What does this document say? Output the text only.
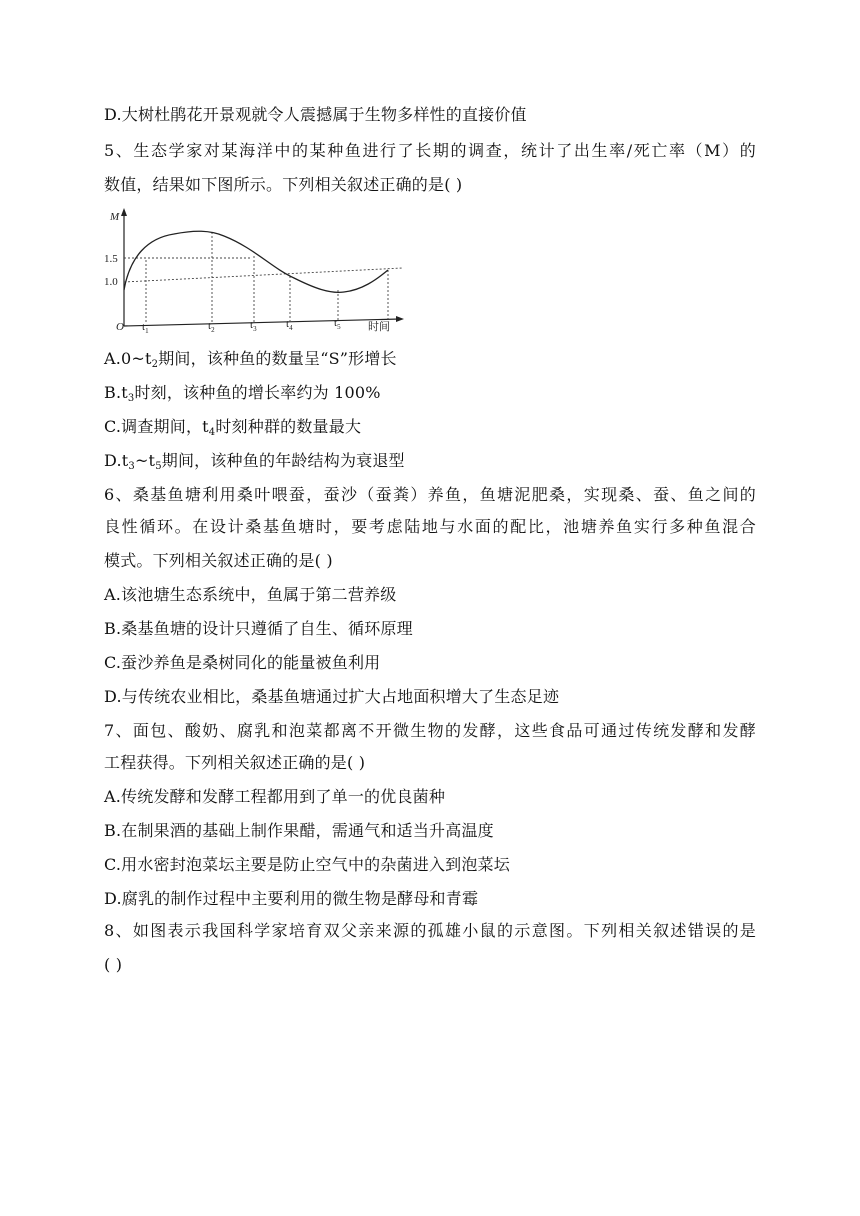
D.大树杜鹃花开景观就令人震撼属于生物多样性的直接价值
5、生态学家对某海洋中的某种鱼进行了长期的调查，统计了出生率/死亡率（M）的
数值，结果如下图所示。下列相关叙述正确的是( )
M
1.5
1.0
O $t_1$	$t_2$	$t_3$	$t_4$	$t_5$ 时间
$A.0\sim t_2$期间，该种鱼的数量呈“S”形增长
$B.t_3$时刻，该种鱼的增长率约为 100%
C.调查期间，$t_4$时刻种群的数量最大
$D.t_3\sim t_5$期间，该种鱼的年龄结构为衰退型
6、桑基鱼塘利用桑叶喂蚕，蚕沙（蚕粪）养鱼，鱼塘泥肥桑，实现桑、蚕、鱼之间的
良性循环。在设计桑基鱼塘时，要考虑陆地与水面的配比，池塘养鱼实行多种鱼混合
模式。下列相关叙述正确的是( )
A.该池塘生态系统中，鱼属于第二营养级
B.桑基鱼塘的设计只遵循了自生、循环原理
C.蚕沙养鱼是桑树同化的能量被鱼利用
D.与传统农业相比，桑基鱼塘通过扩大占地面积增大了生态足迹
7、面包、酸奶、腐乳和泡菜都离不开微生物的发酵，这些食品可通过传统发酵和发酵
工程获得。下列相关叙述正确的是( )
A.传统发酵和发酵工程都用到了单一的优良菌种
B.在制果酒的基础上制作果醋，需通气和适当升高温度
C.用水密封泡菜坛主要是防止空气中的杂菌进入到泡菜坛
D.腐乳的制作过程中主要利用的微生物是酵母和青霉
8、如图表示我国科学家培育双父亲来源的孤雄小鼠的示意图。下列相关叙述错误的是
( )
